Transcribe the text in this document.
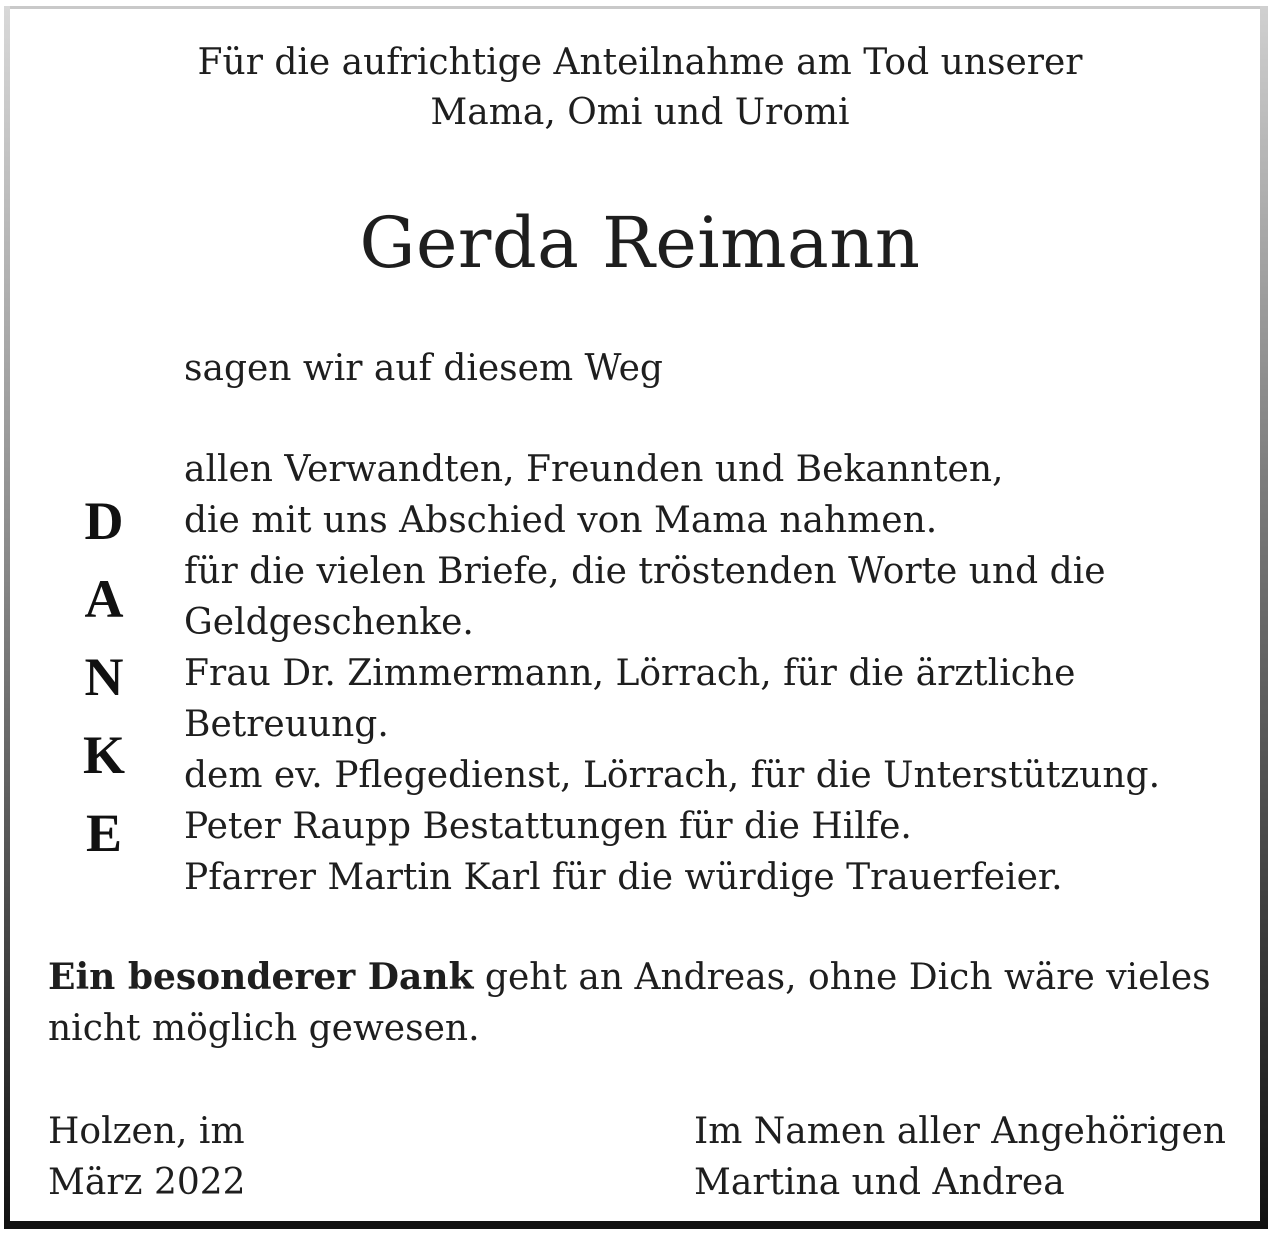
Für die aufrichtige Anteilnahme am Tod unserer
Mama, Omi und Uromi
Gerda Reimann
sagen wir auf diesem Weg
D
A
N
K
E
allen Verwandten, Freunden und Bekannten,
die mit uns Abschied von Mama nahmen.
für die vielen Briefe, die tröstenden Worte und die
Geldgeschenke.
Frau Dr. Zimmermann, Lörrach, für die ärztliche
Betreuung.
dem ev. Pflegedienst, Lörrach, für die Unterstützung.
Peter Raupp Bestattungen für die Hilfe.
Pfarrer Martin Karl für die würdige Trauerfeier.
Ein besonderer Dank geht an Andreas, ohne Dich wäre vieles nicht möglich gewesen.
Holzen, im
März 2022
Im Namen aller Angehörigen
Martina und Andrea
